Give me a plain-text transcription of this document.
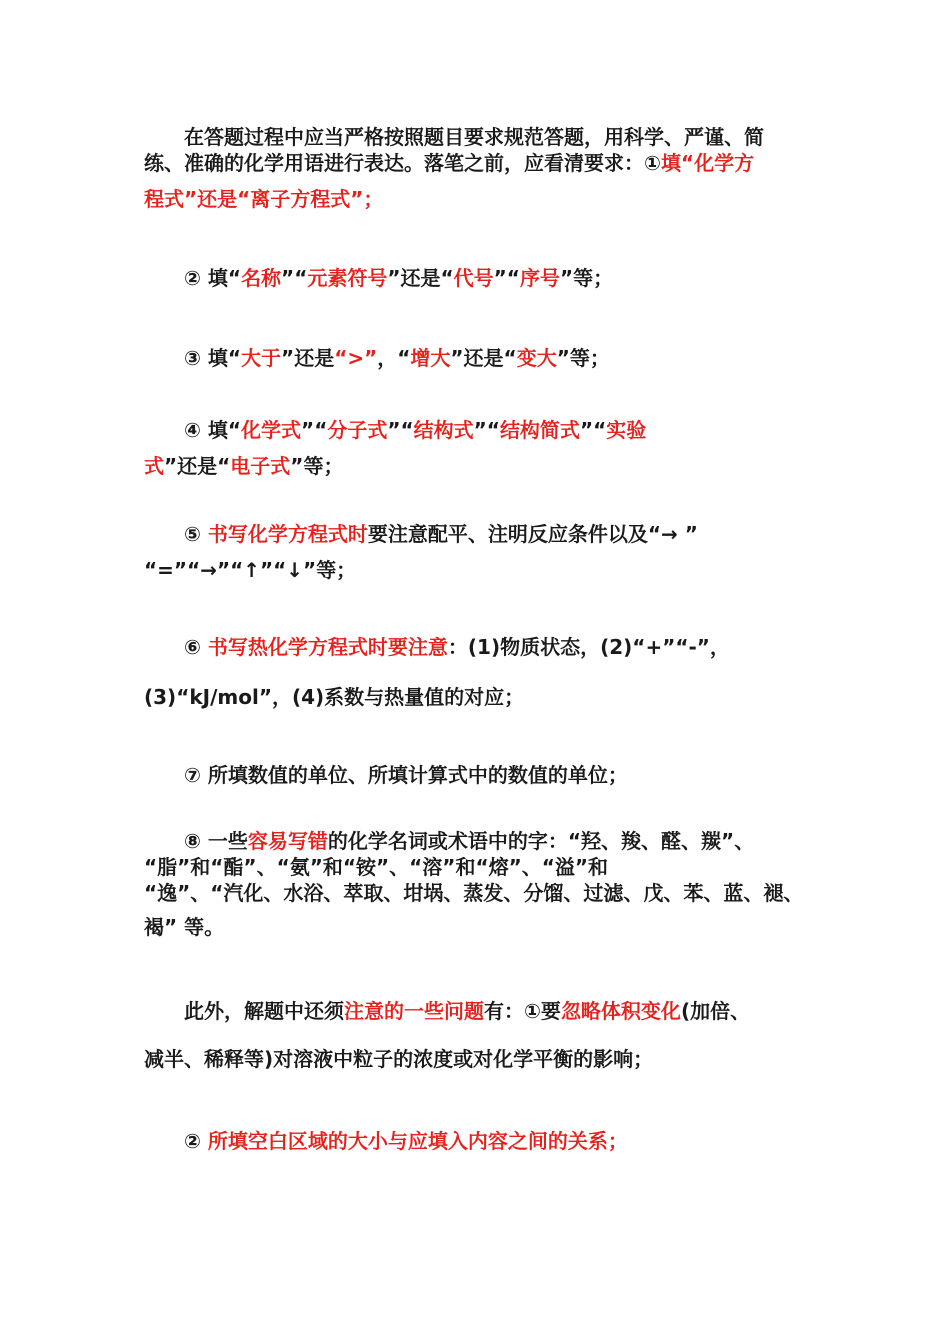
在答题过程中应当严格按照题目要求规范答题，用科学、严谨、简
练、准确的化学用语进行表达。落笔之前，应看清要求：①填“化学方
程式”还是“离子方程式”；
② 填“名称”“元素符号”还是“代号”“序号”等；
③ 填“大于”还是“>”，“增大”还是“变大”等；
④ 填“化学式”“分子式”“结构式”“结构简式”“实验
式”还是“电子式”等；
⑤ 书写化学方程式时要注意配平、注明反应条件以及“→ ”
“=”“→”“↑”“↓”等；
⑥ 书写热化学方程式时要注意：(1)物质状态，(2)“+”“-”，
(3)“kJ/mol”，(4)系数与热量值的对应；
⑦ 所填数值的单位、所填计算式中的数值的单位；
⑧ 一些容易写错的化学名词或术语中的字：“羟、羧、醛、羰”、
“脂”和“酯”、“氨”和“铵”、“溶”和“熔”、“溢”和
“逸”、“汽化、水浴、萃取、坩埚、蒸发、分馏、过滤、戊、苯、蓝、褪、
褐” 等。
此外，解题中还须注意的一些问题有：①要忽略体积变化(加倍、
减半、稀释等)对溶液中粒子的浓度或对化学平衡的影响；
② 所填空白区域的大小与应填入内容之间的关系；
